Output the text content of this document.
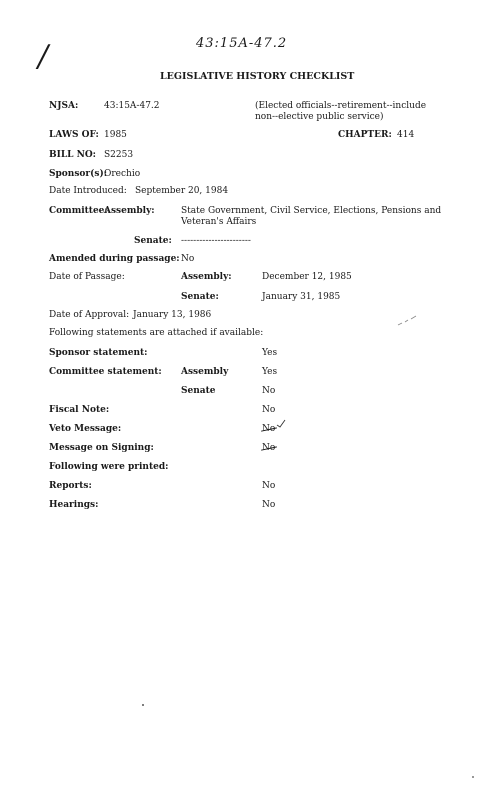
/	43:15A-47.2
LEGISLATIVE HISTORY CHECKLIST
NJSA:	43:15A-47.2	(Elected officials--retirement--include
non--elective public service)
LAWS OF: 1985	CHAPTER: 414
BILL NO: S2253
Sponsor(s):
Orechio
Date Introduced: September 20, 1984
Committee:
Assembly:	State Government, Civil Service, Elections, Pensions and
Veteran's Affairs
Senate: -----------------------
Amended during passage: No
Date of Passage:	Assembly:	December 12, 1985
Senate:	January 31, 1985
Date of Approval: January 13, 1986
Following statements are attached if available:
Sponsor statement:	Yes
Committee statement: Assembly	Yes
Senate	No
Fiscal Note:	No
Veto Message:	No
Message on Signing:	No
Following were printed:
Reports:	No
Hearings:	No
